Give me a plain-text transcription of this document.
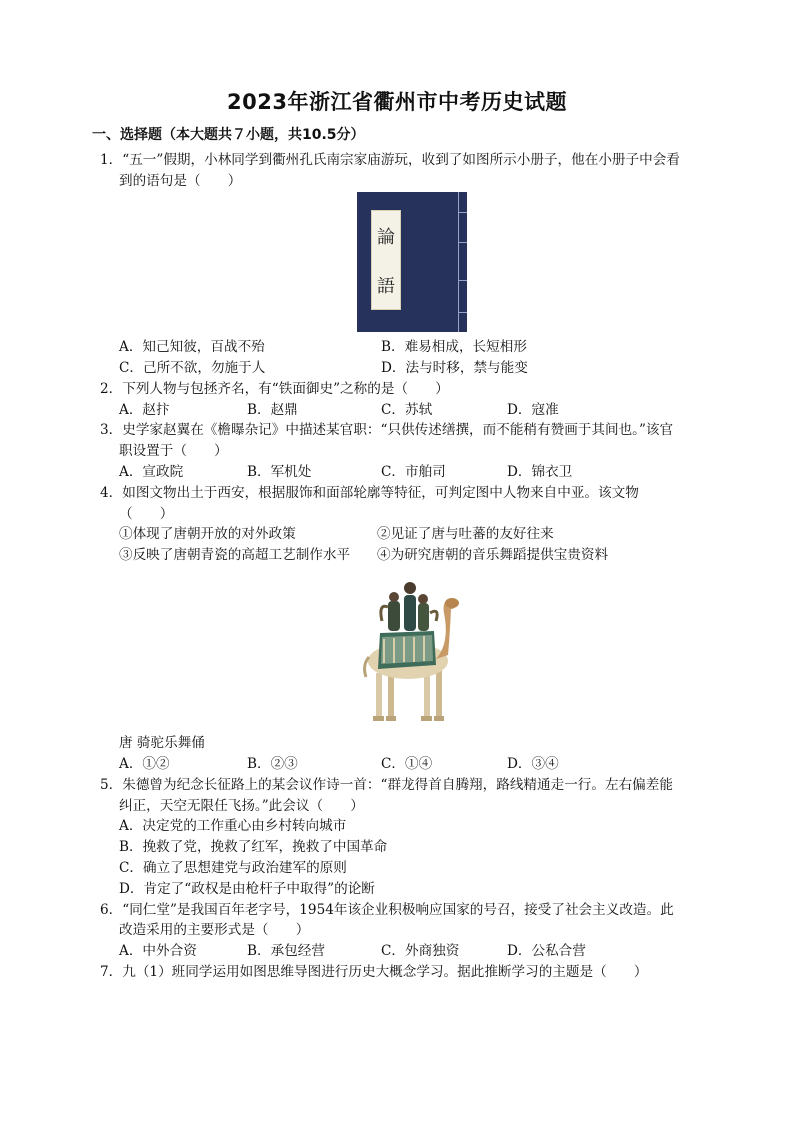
2023年浙江省衢州市中考历史试题
一、选择题（本大题共７小题，共10.5分）
1．“五一”假期，小林同学到衢州孔氏南宗家庙游玩，收到了如图所示小册子，他在小册子中会看
到的语句是（　　）
論
語
A．知己知彼，百战不殆	B．难易相成，长短相形
C．己所不欲，勿施于人	D．法与时移，禁与能变
2．下列人物与包拯齐名，有“铁面御史”之称的是（　　）
A．赵抃	B．赵鼎	C．苏轼	D．寇准
3．史学家赵翼在《檐曝杂记》中描述某官职：“只供传述缮撰，而不能稍有赞画于其间也。”该官
职设置于（　　）
A．宣政院	B．军机处	C．市舶司	D．锦衣卫
4．如图文物出土于西安，根据服饰和面部轮廓等特征，可判定图中人物来自中亚。该文物
（　　）
①体现了唐朝开放的对外政策	②见证了唐与吐蕃的友好往来
③反映了唐朝青瓷的高超工艺制作水平 ④为研究唐朝的音乐舞蹈提供宝贵资料
唐 骑驼乐舞俑
A．①②	B．②③	C．①④	D．③④
5．朱德曾为纪念长征路上的某会议作诗一首：“群龙得首自腾翔，路线精通走一行。左右偏差能
纠正，天空无限任飞扬。”此会议（　　）
A．决定党的工作重心由乡村转向城市
B．挽救了党，挽救了红军，挽救了中国革命
C．确立了思想建党与政治建军的原则
D．肯定了“政权是由枪杆子中取得”的论断
6．“同仁堂”是我国百年老字号，1954年该企业积极响应国家的号召，接受了社会主义改造。此
改造采用的主要形式是（　　）
A．中外合资	B．承包经营	C．外商独资	D．公私合营
7．九（1）班同学运用如图思维导图进行历史大概念学习。据此推断学习的主题是（　　）
